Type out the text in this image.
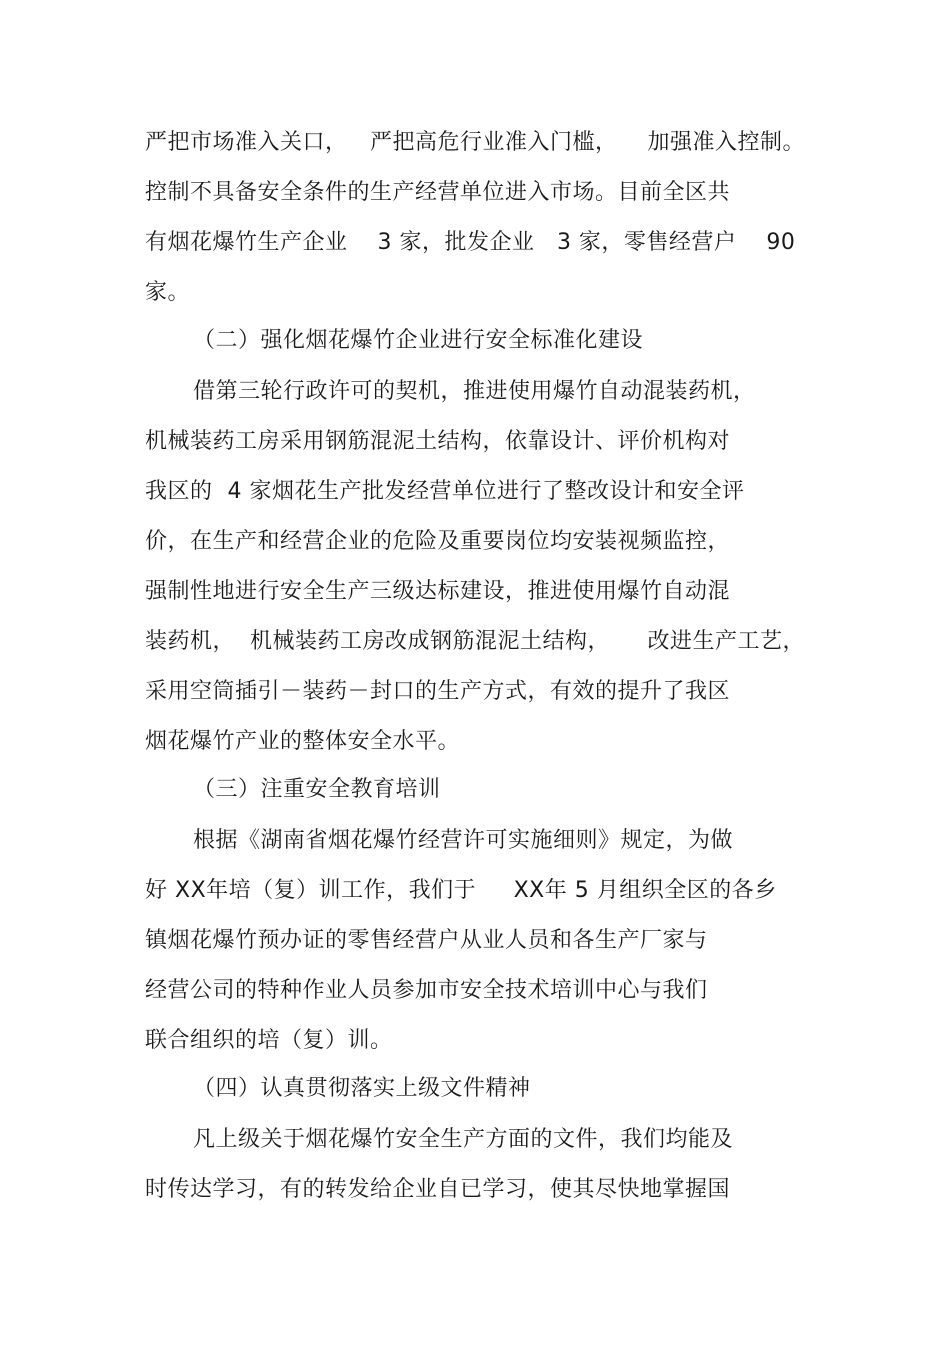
严把市场准入关口，   严把高危行业准入门槛，    加强准入控制。
控制不具备安全条件的生产经营单位进入市场。目前全区共
有烟花爆竹生产企业    3 家，批发企业   3 家，零售经营户    90
家。
（二）强化烟花爆竹企业进行安全标准化建设
借第三轮行政许可的契机，推进使用爆竹自动混装药机，
机械装药工房采用钢筋混泥土结构，依靠设计、评价机构对
我区的  4 家烟花生产批发经营单位进行了整改设计和安全评
价，在生产和经营企业的危险及重要岗位均安装视频监控，
强制性地进行安全生产三级达标建设，推进使用爆竹自动混
装药机，  机械装药工房改成钢筋混泥土结构，     改进生产工艺，
采用空筒插引－装药－封口的生产方式，有效的提升了我区
烟花爆竹产业的整体安全水平。
（三）注重安全教育培训
根据《湖南省烟花爆竹经营许可实施细则》规定，为做
好 XX年培（复）训工作，我们于     XX年 5 月组织全区的各乡
镇烟花爆竹预办证的零售经营户从业人员和各生产厂家与
经营公司的特种作业人员参加市安全技术培训中心与我们
联合组织的培（复）训。
（四）认真贯彻落实上级文件精神
凡上级关于烟花爆竹安全生产方面的文件，我们均能及
时传达学习，有的转发给企业自已学习，使其尽快地掌握国
